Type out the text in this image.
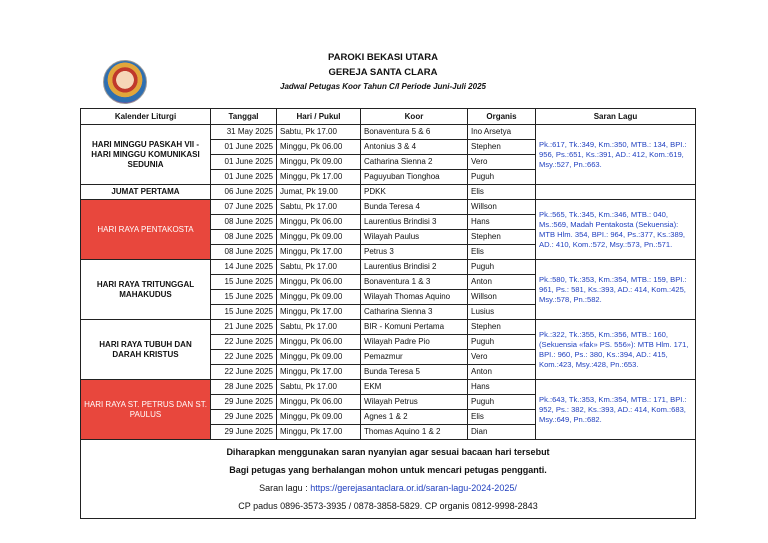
PAROKI BEKASI UTARA
GEREJA SANTA CLARA
Jadwal Petugas Koor Tahun C/I Periode Juni-Juli 2025
Kalender Liturgi	Tanggal	Hari / Pukul	Koor	Organis	Saran Lagu
HARI MINGGU PASKAH VII - HARI MINGGU KOMUNIKASI SEDUNIA	31 May 2025	Sabtu, Pk 17.00	Bonaventura 5 & 6	Ino Arsetya	Pk.:617, Tk.:349, Km.:350, MTB.: 134, BPI.: 956, Ps.:651, Ks.:391, AD.: 412, Kom.:619, Msy.:527, Pn.:663.
	01 June 2025	Minggu, Pk 06.00	Antonius 3 & 4	Stephen	
	01 June 2025	Minggu, Pk 09.00	Catharina Sienna 2	Vero	
	01 June 2025	Minggu, Pk 17.00	Paguyuban Tionghoa	Puguh	
JUMAT PERTAMA	06 June 2025	Jumat, Pk 19.00	PDKK	Elis	
HARI RAYA PENTAKOSTA	07 June 2025	Sabtu, Pk 17.00	Bunda Teresa 4	Willson	Pk.:565, Tk.:345, Km.:346, MTB.: 040, Ms.:569, Madah Pentakosta (Sekuensia): MTB Hlm. 354, BPI.: 964, Ps.:377, Ks.:389, AD.: 410, Kom.:572, Msy.:573, Pn.:571.
	08 June 2025	Minggu, Pk 06.00	Laurentius Brindisi 3	Hans	
	08 June 2025	Minggu, Pk 09.00	Wilayah Paulus	Stephen	
	08 June 2025	Minggu, Pk 17.00	Petrus 3	Elis	
HARI RAYA TRITUNGGAL MAHAKUDUS	14 June 2025	Sabtu, Pk 17.00	Laurentius Brindisi 2	Puguh	Pk.:580, Tk.:353, Km.:354, MTB.: 159, BPI.: 961, Ps.: 581, Ks.:393, AD.: 414, Kom.:425, Msy.:578, Pn.:582.
	15 June 2025	Minggu, Pk 06.00	Bonaventura 1 & 3	Anton	
	15 June 2025	Minggu, Pk 09.00	Wilayah Thomas Aquino	Willson	
	15 June 2025	Minggu, Pk 17.00	Catharina Sienna 3	Lusius	
HARI RAYA TUBUH DAN DARAH KRISTUS	21 June 2025	Sabtu, Pk 17.00	BIR - Komuni Pertama	Stephen	Pk.:322, Tk.:355, Km.:356, MTB.: 160, (Sekuensia «fak» PS. 556»): MTB Hlm. 171, BPI.: 960, Ps.: 380, Ks.:394, AD.: 415, Kom.:423, Msy.:428, Pn.:653.
	22 June 2025	Minggu, Pk 06.00	Wilayah Padre Pio	Puguh	
	22 June 2025	Minggu, Pk 09.00	Pemazmur	Vero	
	22 June 2025	Minggu, Pk 17.00	Bunda Teresa 5	Anton	
HARI RAYA ST. PETRUS DAN ST. PAULUS	28 June 2025	Sabtu, Pk 17.00	EKM	Hans	Pk.:643, Tk.:353, Km.:354, MTB.: 171, BPI.: 952, Ps.: 382, Ks.:393, AD.: 414, Kom.:683, Msy.:649, Pn.:682.
	29 June 2025	Minggu, Pk 06.00	Wilayah Petrus	Puguh	
	29 June 2025	Minggu, Pk 09.00	Agnes 1 & 2	Elis	
	29 June 2025	Minggu, Pk 17.00	Thomas Aquino 1 & 2	Dian	

Diharapkan menggunakan saran nyanyian agar sesuai bacaan hari tersebut
Bagi petugas yang berhalangan mohon untuk mencari petugas pengganti.
Saran lagu : https://gerejasantaclara.or.id/saran-lagu-2024-2025/
CP padus 0896-3573-3935 / 0878-3858-5829. CP organis 0812-9998-2843					
